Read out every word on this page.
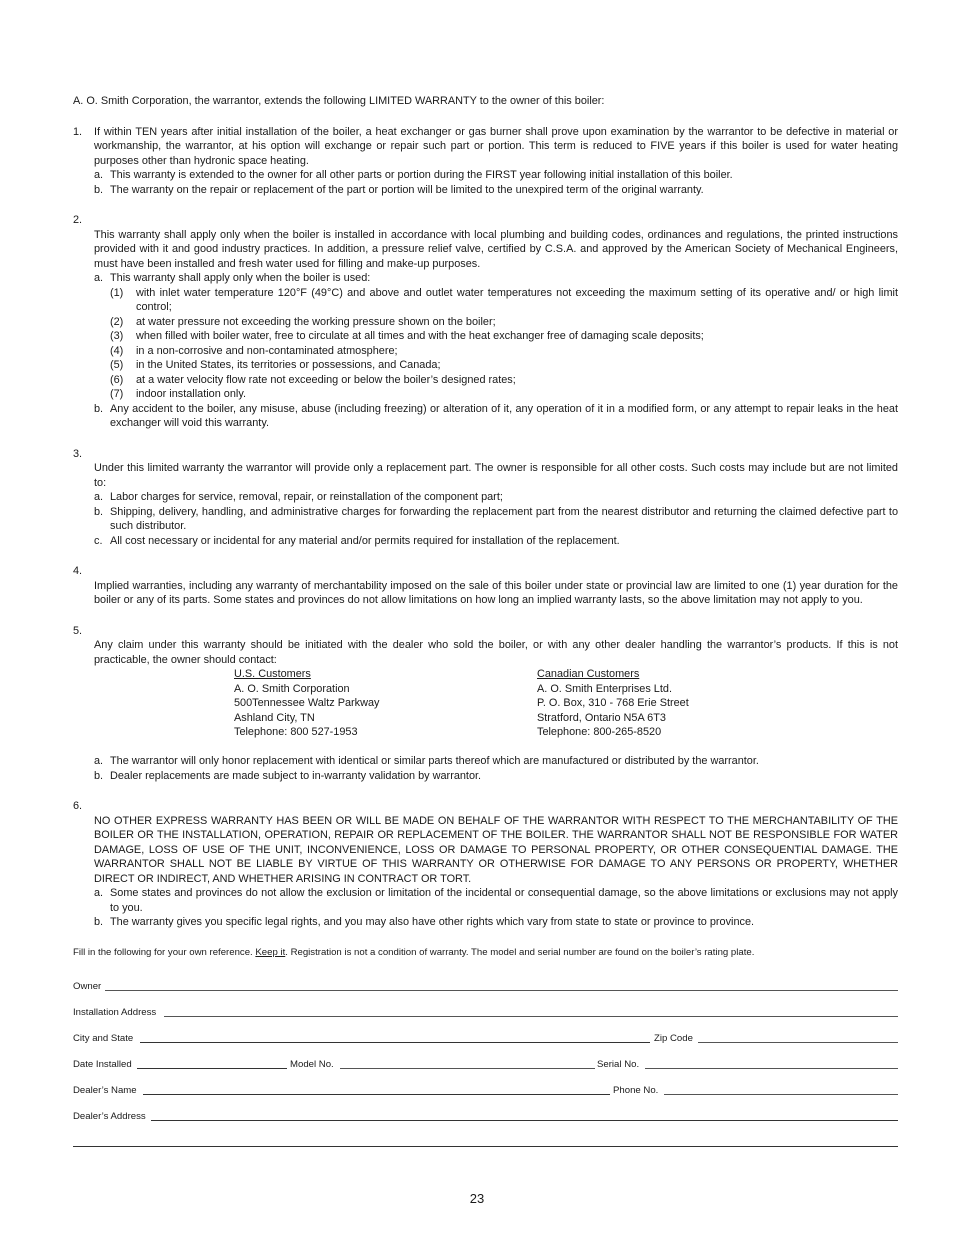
A. O. Smith Corporation, the warrantor, extends the following LIMITED WARRANTY to the owner of this boiler:

1. If within TEN years after initial installation of the boiler, a heat exchanger or gas burner shall prove upon examination by the warrantor to be defective in material or workmanship, the warrantor, at his option will exchange or repair such part or portion. This term is reduced to FIVE years if this boiler is used for water heating purposes other than hydronic space heating.
a. This warranty is extended to the owner for all other parts or portion during the FIRST year following initial installation of this boiler.
b. The warranty on the repair or replacement of the part or portion will be limited to the unexpired term of the original warranty.
2.
This warranty shall apply only when the boiler is installed in accordance with local plumbing and building codes, ordinances and regulations, the printed instructions provided with it and good industry practices. In addition, a pressure relief valve, certified by C.S.A. and approved by the American Society of Mechanical Engineers, must have been installed and fresh water used for filling and make-up purposes.
a. This warranty shall apply only when the boiler is used:
(1) with inlet water temperature 120°F (49°C) and above and outlet water temperatures not exceeding the maximum setting of its operative and/ or high limit control;
(2) at water pressure not exceeding the working pressure shown on the boiler;
(3) when filled with boiler water, free to circulate at all times and with the heat exchanger free of damaging scale deposits;
(4) in a non-corrosive and non-contaminated atmosphere;
(5) in the United States, its territories or possessions, and Canada;
(6) at a water velocity flow rate not exceeding or below the boiler’s designed rates;
(7) indoor installation only.
b. Any accident to the boiler, any misuse, abuse (including freezing) or alteration of it, any operation of it in a modified form, or any attempt to repair leaks in the heat exchanger will void this warranty.
3.
Under this limited warranty the warrantor will provide only a replacement part. The owner is responsible for all other costs. Such costs may include but are not limited to:
a. Labor charges for service, removal, repair, or reinstallation of the component part;
b. Shipping, delivery, handling, and administrative charges for forwarding the replacement part from the nearest distributor and returning the claimed defective part to such distributor.
c. All cost necessary or incidental for any material and/or permits required for installation of the replacement.
4.
Implied warranties, including any warranty of merchantability imposed on the sale of this boiler under state or provincial law are limited to one (1) year duration for the boiler or any of its parts. Some states and provinces do not allow limitations on how long an implied warranty lasts, so the above limitation may not apply to you.
5.
Any claim under this warranty should be initiated with the dealer who sold the boiler, or with any other dealer handling the warrantor’s products. If this is not practicable, the owner should contact:
U.S. Customers
A. O. Smith Corporation
500Tennessee Waltz Parkway
Ashland City, TN
Telephone: 800 527-1953
Canadian Customers
A. O. Smith Enterprises Ltd.
P. O. Box, 310 - 768 Erie Street
Stratford, Ontario N5A 6T3
Telephone: 800-265-8520
a. The warrantor will only honor replacement with identical or similar parts thereof which are manufactured or distributed by the warrantor.
b. Dealer replacements are made subject to in-warranty validation by warrantor.
6.
NO OTHER EXPRESS WARRANTY HAS BEEN OR WILL BE MADE ON BEHALF OF THE WARRANTOR WITH RESPECT TO THE MERCHANTABILITY OF THE BOILER OR THE INSTALLATION, OPERATION, REPAIR OR REPLACEMENT OF THE BOILER. THE WARRANTOR SHALL NOT BE RESPONSIBLE FOR WATER DAMAGE, LOSS OF USE OF THE UNIT, INCONVENIENCE, LOSS OR DAMAGE TO PERSONAL PROPERTY, OR OTHER CONSEQUENTIAL DAMAGE. THE WARRANTOR SHALL NOT BE LIABLE BY VIRTUE OF THIS WARRANTY OR OTHERWISE FOR DAMAGE TO ANY PERSONS OR PROPERTY, WHETHER DIRECT OR INDIRECT, AND WHETHER ARISING IN CONTRACT OR TORT.
a. Some states and provinces do not allow the exclusion or limitation of the incidental or consequential damage, so the above limitations or exclusions may not apply to you.
b. The warranty gives you specific legal rights, and you may also have other rights which vary from state to state or province to province.

Fill in the following for your own reference. Keep it. Registration is not a condition of warranty. The model and serial number are found on the boiler’s rating plate.

Owner
Installation Address
City and State	Zip Code
Date Installed	Model No.	Serial No.
Dealer’s Name	Phone No.
Dealer’s Address
23
